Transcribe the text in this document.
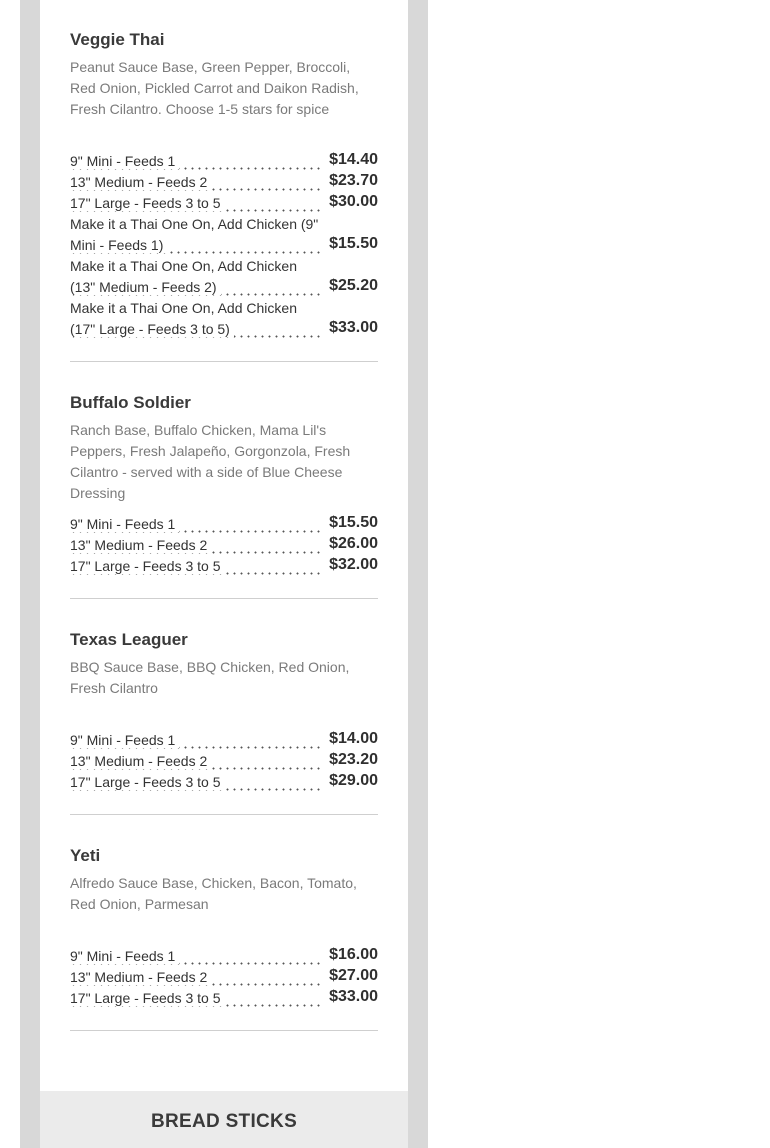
Veggie Thai

Peanut Sauce Base, Green Pepper, Broccoli, Red Onion, Pickled Carrot and Daikon Radish, Fresh Cilantro. Choose 1-5 stars for spice

9" Mini - Feeds 1	$14.40
13" Medium - Feeds 2	$23.70
17" Large - Feeds 3 to 5	$30.00
Make it a Thai One On, Add Chicken (9" Mini - Feeds 1)	$15.50
Make it a Thai One On, Add Chicken (13" Medium - Feeds 2)	$25.20
Make it a Thai One On, Add Chicken (17" Large - Feeds 3 to 5)	$33.00
Buffalo Soldier

Ranch Base, Buffalo Chicken, Mama Lil's Peppers, Fresh Jalapeño, Gorgonzola, Fresh Cilantro - served with a side of Blue Cheese Dressing

9" Mini - Feeds 1	$15.50
13" Medium - Feeds 2	$26.00
17" Large - Feeds 3 to 5	$32.00
Texas Leaguer

BBQ Sauce Base, BBQ Chicken, Red Onion, Fresh Cilantro

9" Mini - Feeds 1	$14.00
13" Medium - Feeds 2	$23.20
17" Large - Feeds 3 to 5	$29.00
Yeti

Alfredo Sauce Base, Chicken, Bacon, Tomato, Red Onion, Parmesan

9" Mini - Feeds 1	$16.00
13" Medium - Feeds 2	$27.00
17" Large - Feeds 3 to 5	$33.00
BREAD STICKS
